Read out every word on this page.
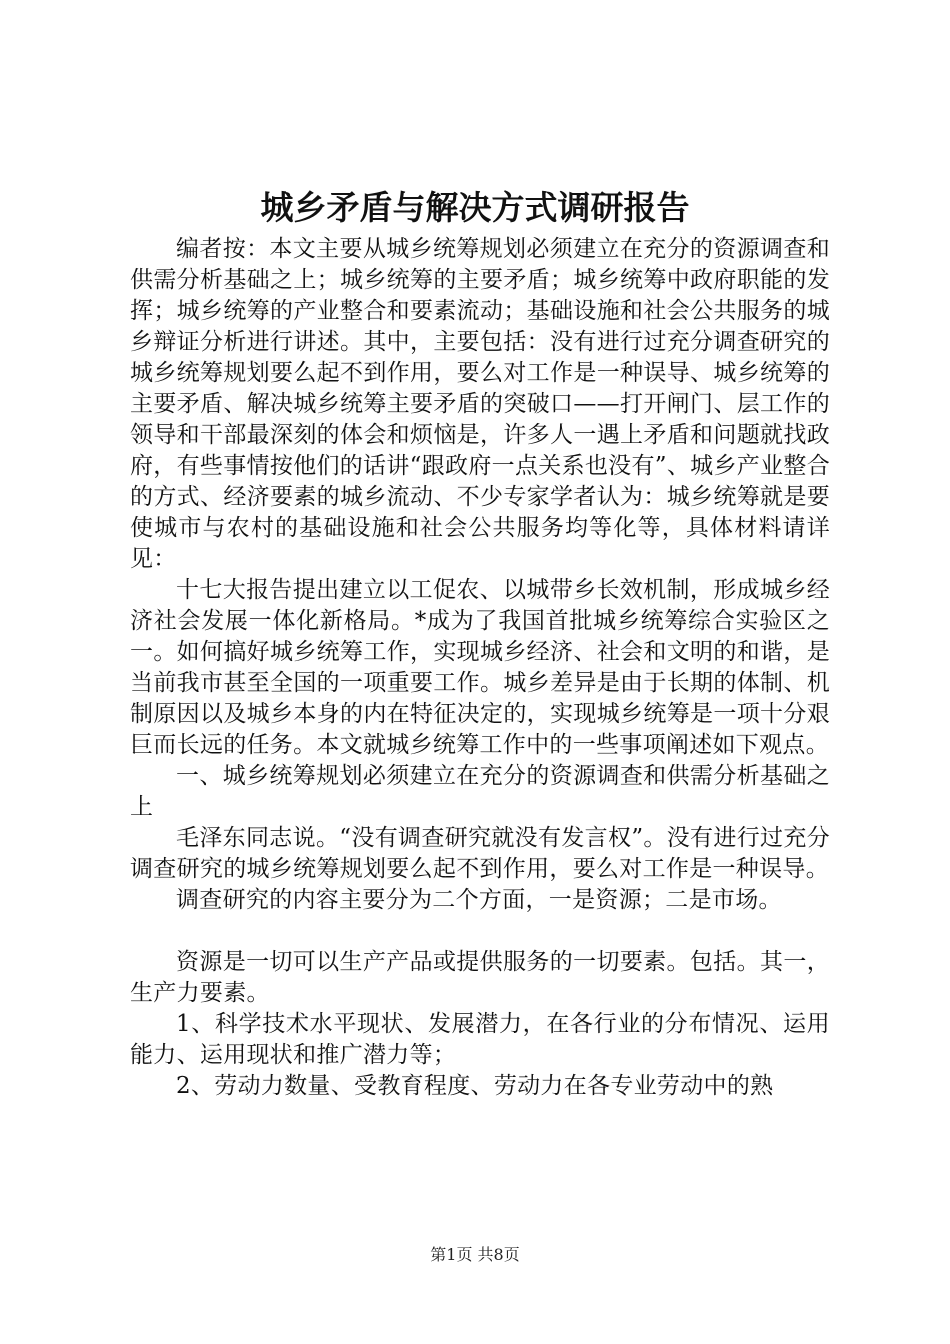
城乡矛盾与解决方式调研报告

编者按：本文主要从城乡统筹规划必须建立在充分的资源调查和供需分析基础之上；城乡统筹的主要矛盾；城乡统筹中政府职能的发挥；城乡统筹的产业整合和要素流动；基础设施和社会公共服务的城乡辩证分析进行讲述。其中，主要包括：没有进行过充分调查研究的城乡统筹规划要么起不到作用，要么对工作是一种误导、城乡统筹的主要矛盾、解决城乡统筹主要矛盾的突破口——打开闸门、层工作的领导和干部最深刻的体会和烦恼是，许多人一遇上矛盾和问题就找政府，有些事情按他们的话讲“跟政府一点关系也没有”、城乡产业整合的方式、经济要素的城乡流动、不少专家学者认为：城乡统筹就是要使城市与农村的基础设施和社会公共服务均等化等，具体材料请详见：

十七大报告提出建立以工促农、以城带乡长效机制，形成城乡经济社会发展一体化新格局。*成为了我国首批城乡统筹综合实验区之一。如何搞好城乡统筹工作，实现城乡经济、社会和文明的和谐，是当前我市甚至全国的一项重要工作。城乡差异是由于长期的体制、机制原因以及城乡本身的内在特征决定的，实现城乡统筹是一项十分艰巨而长远的任务。本文就城乡统筹工作中的一些事项阐述如下观点。

一、城乡统筹规划必须建立在充分的资源调查和供需分析基础之上

毛泽东同志说。“没有调查研究就没有发言权”。没有进行过充分调查研究的城乡统筹规划要么起不到作用，要么对工作是一种误导。

调查研究的内容主要分为二个方面，一是资源；二是市场。

资源是一切可以生产产品或提供服务的一切要素。包括。其一，生产力要素。

1、科学技术水平现状、发展潜力，在各行业的分布情况、运用能力、运用现状和推广潜力等；

2、劳动力数量、受教育程度、劳动力在各专业劳动中的熟

第1页 共8页
